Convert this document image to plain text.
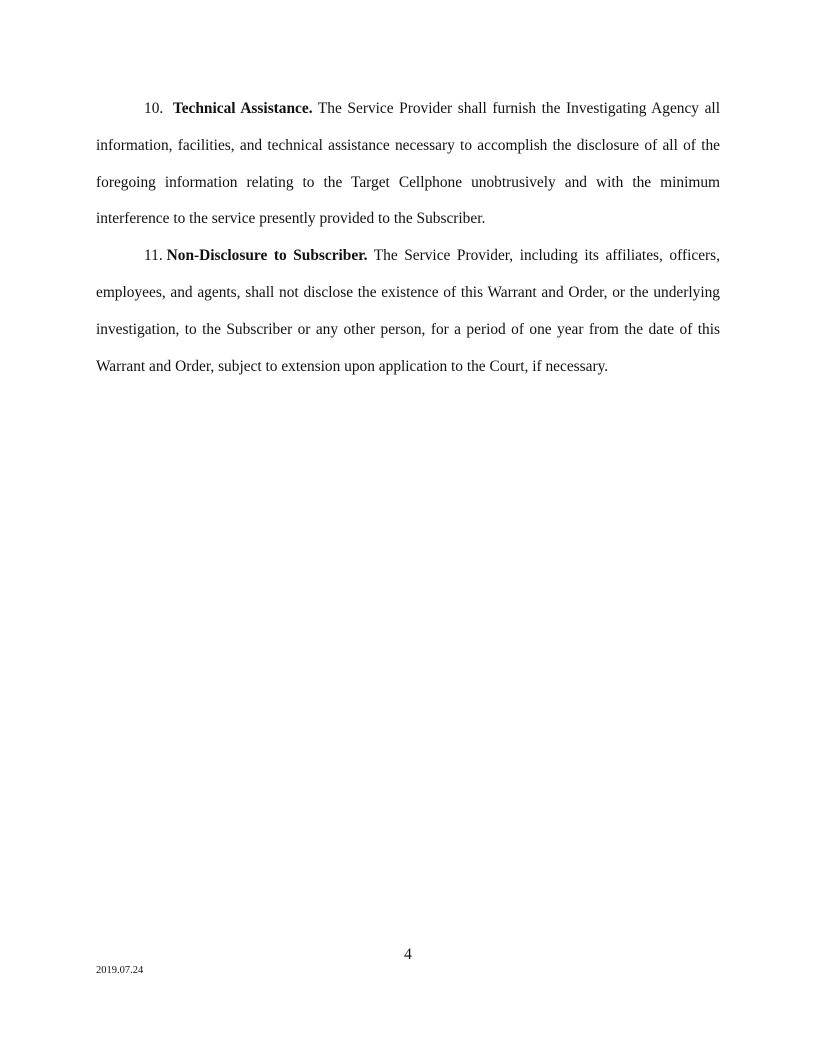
10. Technical Assistance. The Service Provider shall furnish the Investigating Agency all information, facilities, and technical assistance necessary to accomplish the disclosure of all of the foregoing information relating to the Target Cellphone unobtrusively and with the minimum interference to the service presently provided to the Subscriber.

11. Non-Disclosure to Subscriber. The Service Provider, including its affiliates, officers, employees, and agents, shall not disclose the existence of this Warrant and Order, or the underlying investigation, to the Subscriber or any other person, for a period of one year from the date of this Warrant and Order, subject to extension upon application to the Court, if necessary.

4
2019.07.24
